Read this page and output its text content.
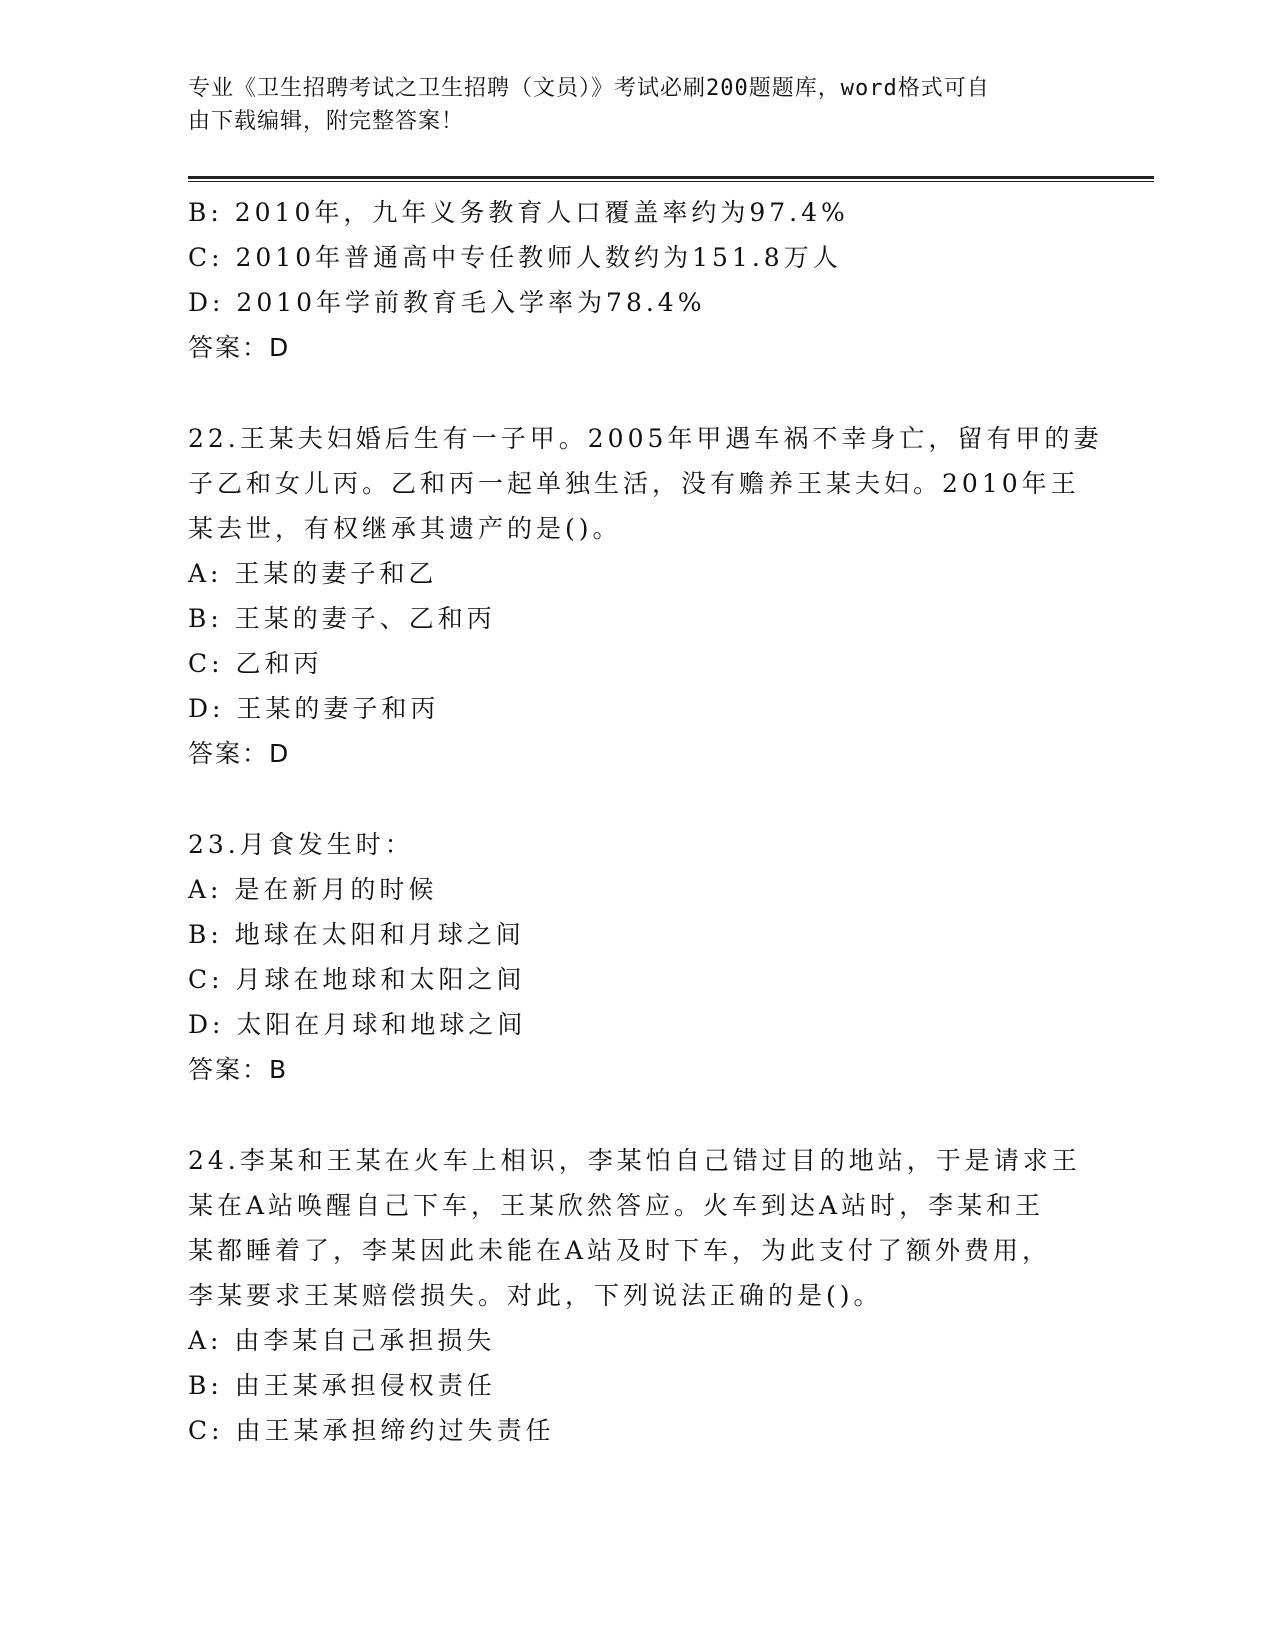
专业《卫生招聘考试之卫生招聘（文员）》考试必刷200题题库，word格式可自
由下载编辑，附完整答案！
B: 2010年，九年义务教育人口覆盖率约为97.4%
C: 2010年普通高中专任教师人数约为151.8万人
D: 2010年学前教育毛入学率为78.4%
答案：D
22.王某夫妇婚后生有一子甲。2005年甲遇车祸不幸身亡，留有甲的妻
子乙和女儿丙。乙和丙一起单独生活，没有赡养王某夫妇。2010年王
某去世，有权继承其遗产的是()。
A: 王某的妻子和乙
B: 王某的妻子、乙和丙
C: 乙和丙
D: 王某的妻子和丙
答案：D
23.月食发生时：
A: 是在新月的时候
B: 地球在太阳和月球之间
C: 月球在地球和太阳之间
D: 太阳在月球和地球之间
答案：B
24.李某和王某在火车上相识，李某怕自己错过目的地站，于是请求王
某在A站唤醒自己下车，王某欣然答应。火车到达A站时，李某和王
某都睡着了，李某因此未能在A站及时下车，为此支付了额外费用，
李某要求王某赔偿损失。对此，下列说法正确的是()。
A: 由李某自己承担损失
B: 由王某承担侵权责任
C: 由王某承担缔约过失责任
